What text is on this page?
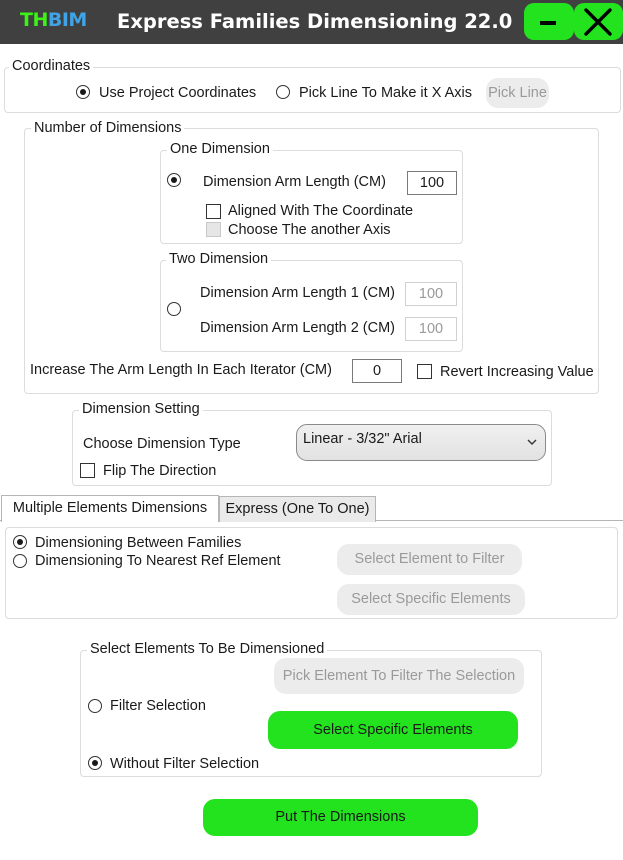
THBIM Express Families Dimensioning 22.0
Coordinates
Use Project Coordinates	Pick Line To Make it X Axis Pick Line
Number of Dimensions
One Dimension
Dimension Arm Length (CM)	100
Aligned With The Coordinate
Choose The another Axis
Two Dimension
Dimension Arm Length 1 (CM)	100
Dimension Arm Length 2 (CM)	100
Increase The Arm Length In Each Iterator (CM)	0	Revert Increasing Value
Dimension Setting
Choose Dimension Type	Linear - 3/32" Arial
Flip The Direction
Multiple Elements Dimensions	Express (One To One)
Dimensioning Between Families
Dimensioning To Nearest Ref Element	Select Element to Filter
Select Specific Elements
Select Elements To Be Dimensioned
Pick Element To Filter The Selection
Filter Selection
Select Specific Elements
Without Filter Selection
Put The Dimensions
